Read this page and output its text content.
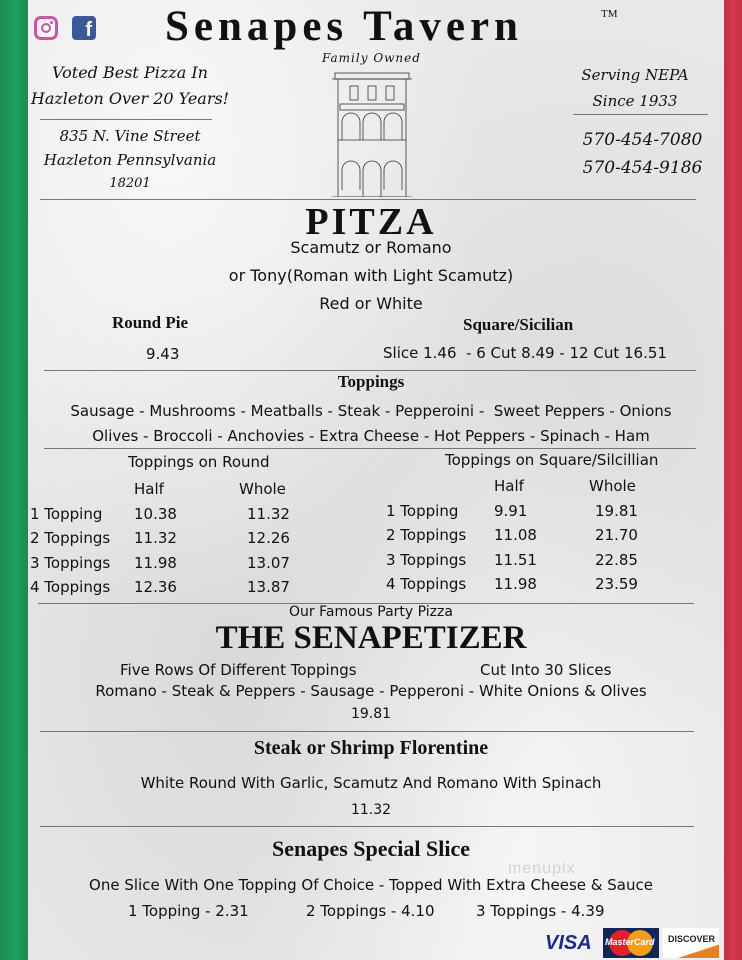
f Senapes Tavern	TM
Family Owned
Voted Best Pizza In
Hazleton Over 20 Years!
835 N. Vine Street
Hazleton Pennsylvania
18201
Serving NEPA
Since 1933
570-454-7080
570-454-9186
PITZA
Scamutz or Romano
or Tony(Roman with Light Scamutz)
Red or White
Round Pie
9.43
Square/Sicilian
Slice 1.46  - 6 Cut 8.49 - 12 Cut 16.51
Toppings
Sausage - Mushrooms - Meatballs - Steak - Pepperoini -  Sweet Peppers - Onions
Olives - Broccoli - Anchovies - Extra Cheese - Hot Peppers - Spinach - Ham
Toppings on Round
	Half	Whole
1 Topping	10.38	11.32
2 Toppings	11.32	12.26
3 Toppings	11.98	13.07
4 Toppings	12.36	13.87
Toppings on Square/Silcillian
	Half	Whole
1 Topping	9.91	19.81
2 Toppings	11.08	21.70
3 Toppings	11.51	22.85
4 Toppings	11.98	23.59
Our Famous Party Pizza
THE SENAPETIZER
Five Rows Of Different Toppings	Cut Into 30 Slices
Romano - Steak & Peppers - Sausage - Pepperoni - White Onions & Olives
19.81
Steak or Shrimp Florentine
White Round With Garlic, Scamutz And Romano With Spinach
11.32
menupix
Senapes Special Slice
One Slice With One Topping Of Choice - Topped With Extra Cheese & Sauce
1 Topping - 2.31	2 Toppings - 4.10	3 Toppings - 4.39
VISA	MasterCard	DISCOVER
